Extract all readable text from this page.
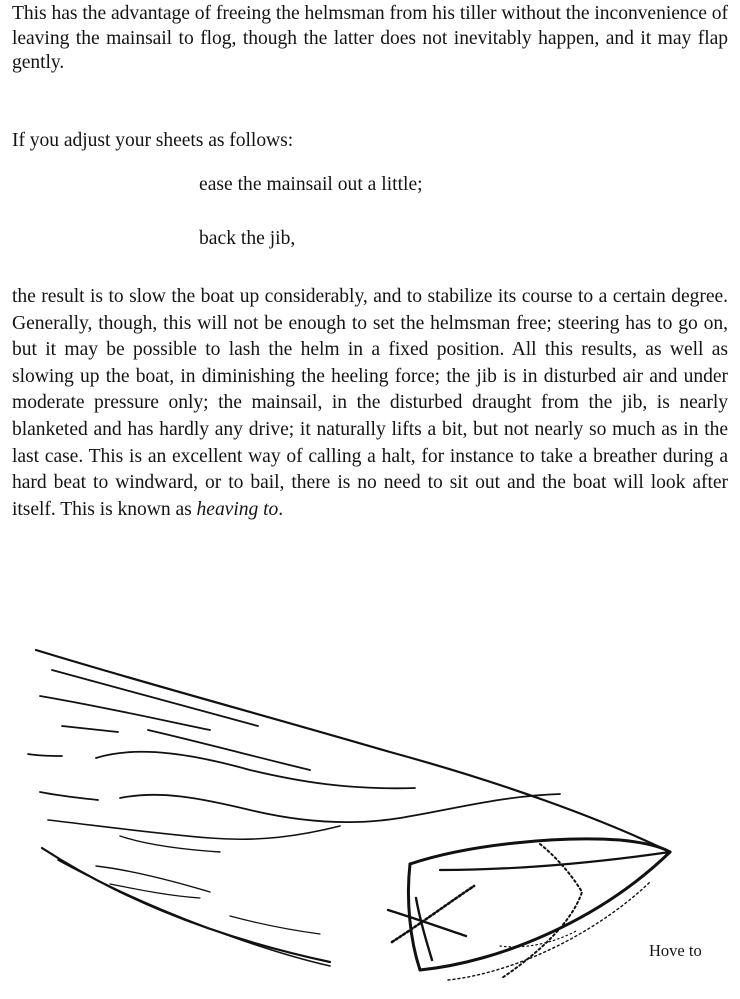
This has the advantage of freeing the helmsman from his tiller without the inconvenience of leaving the mainsail to flog, though the latter does not inevitably happen, and it may flap gently.

If you adjust your sheets as follows:

ease the mainsail out a little;

back the jib,

the result is to slow the boat up considerably, and to stabilize its course to a certain degree. Generally, though, this will not be enough to set the helmsman free; steering has to go on, but it may be possible to lash the helm in a fixed position. All this results, as well as slowing up the boat, in diminishing the heeling force; the jib is in disturbed air and under moderate pressure only; the mainsail, in the disturbed draught from the jib, is nearly blanketed and has hardly any drive; it naturally lifts a bit, but not nearly so much as in the last case. This is an excellent way of calling a halt, for instance to take a breather during a hard beat to windward, or to bail, there is no need to sit out and the boat will look after itself. This is known as heaving to.

Hove to
